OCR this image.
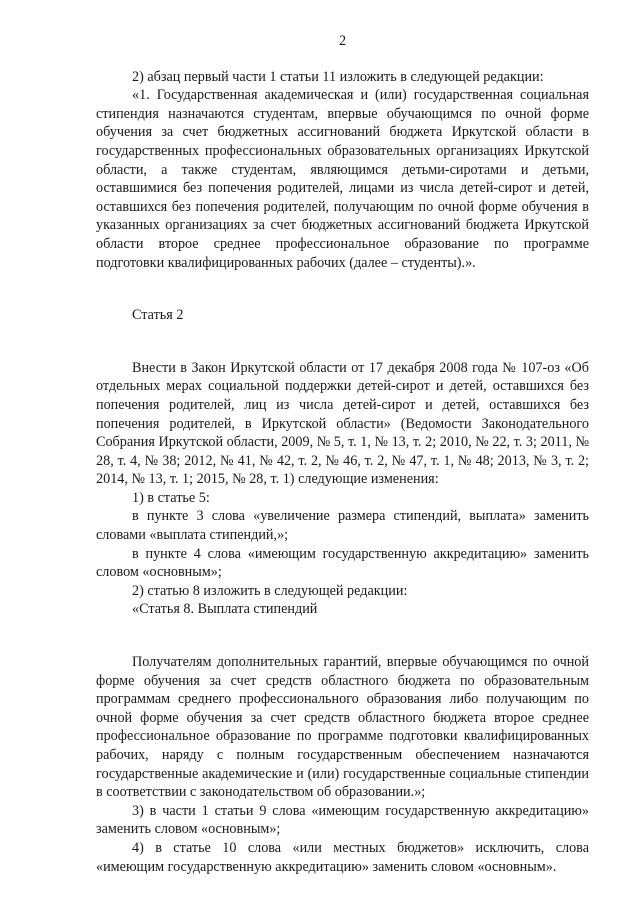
2

2) абзац первый части 1 статьи 11 изложить в следующей редакции:

«1. Государственная академическая и (или) государственная социальная стипендия назначаются студентам, впервые обучающимся по очной форме обучения за счет бюджетных ассигнований бюджета Иркутской области в государственных профессиональных образовательных организациях Иркутской области, а также студентам, являющимся детьми-сиротами и детьми, оставшимися без попечения родителей, лицами из числа детей-сирот и детей, оставшихся без попечения родителей, получающим по очной форме обучения в указанных организациях за счет бюджетных ассигнований бюджета Иркутской области второе среднее профессиональное образование по программе подготовки квалифицированных рабочих (далее – студенты).».

Статья 2

Внести в Закон Иркутской области от 17 декабря 2008 года № 107-оз «Об отдельных мерах социальной поддержки детей-сирот и детей, оставшихся без попечения родителей, лиц из числа детей-сирот и детей, оставшихся без попечения родителей, в Иркутской области» (Ведомости Законодательного Собрания Иркутской области, 2009, № 5, т. 1, № 13, т. 2; 2010, № 22, т. 3; 2011, № 28, т. 4, № 38; 2012, № 41, № 42, т. 2, № 46, т. 2, № 47, т. 1, № 48; 2013, № 3, т. 2; 2014, № 13, т. 1; 2015, № 28, т. 1) следующие изменения:

1) в статье 5:

в пункте 3 слова «увеличение размера стипендий, выплата» заменить словами «выплата стипендий,»;

в пункте 4 слова «имеющим государственную аккредитацию» заменить словом «основным»;

2) статью 8 изложить в следующей редакции:

«Статья 8. Выплата стипендий

Получателям дополнительных гарантий, впервые обучающимся по очной форме обучения за счет средств областного бюджета по образовательным программам среднего профессионального образования либо получающим по очной форме обучения за счет средств областного бюджета второе среднее профессиональное образование по программе подготовки квалифицированных рабочих, наряду с полным государственным обеспечением назначаются государственные академические и (или) государственные социальные стипендии в соответствии с законодательством об образовании.»;

3) в части 1 статьи 9 слова «имеющим государственную аккредитацию» заменить словом «основным»;

4) в статье 10 слова «или местных бюджетов» исключить, слова «имеющим государственную аккредитацию» заменить словом «основным».
